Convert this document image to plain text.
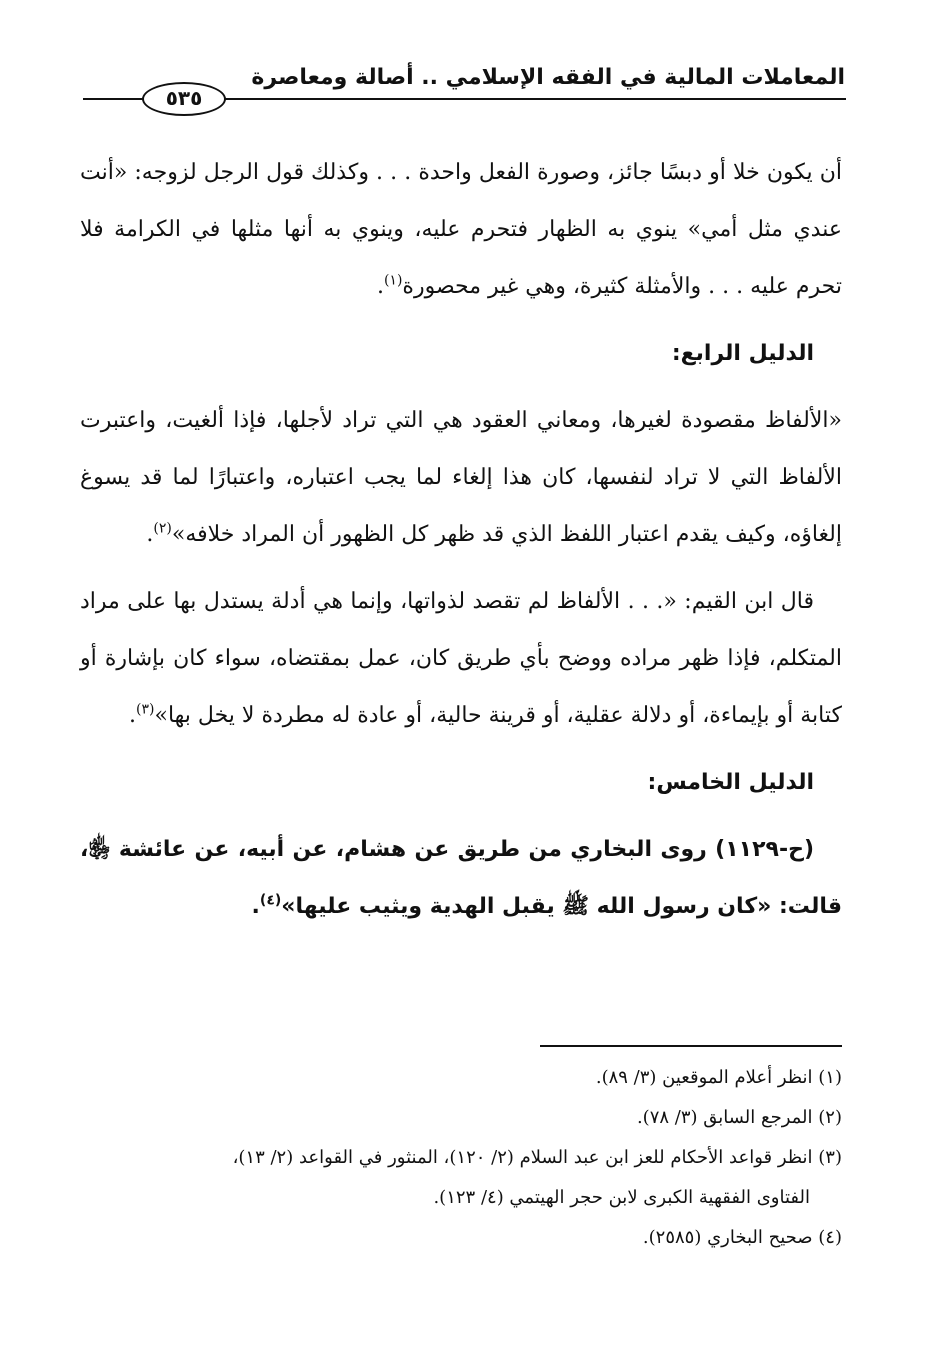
المعاملات المالية في الفقه الإسلامي .. أصالة ومعاصرة
٥٣٥

أن يكون خلا أو دبسًا جائز، وصورة الفعل واحدة . . . وكذلك قول الرجل لزوجه: «أنت عندي مثل أمي» ينوي به الظهار فتحرم عليه، وينوي به أنها مثلها في الكرامة فلا تحرم عليه . . . والأمثلة كثيرة، وهي غير محصورة$^{(١)}$.

الدليل الرابع:

«الألفاظ مقصودة لغيرها، ومعاني العقود هي التي تراد لأجلها، فإذا ألغيت، واعتبرت الألفاظ التي لا تراد لنفسها، كان هذا إلغاء لما يجب اعتباره، واعتبارًا لما قد يسوغ إلغاؤه، وكيف يقدم اعتبار اللفظ الذي قد ظهر كل الظهور أن المراد خلافه»$^{(٢)}$.

قال ابن القيم: «. . . الألفاظ لم تقصد لذواتها، وإنما هي أدلة يستدل بها على مراد المتكلم، فإذا ظهر مراده ووضح بأي طريق كان، عمل بمقتضاه، سواء كان بإشارة أو كتابة أو بإيماءة، أو دلالة عقلية، أو قرينة حالية، أو عادة له مطردة لا يخل بها»$^{(٣)}$.

الدليل الخامس:

(ح-١١٢٩) روى البخاري من طريق عن هشام، عن أبيه، عن عائشة ﵂، قالت: «كان رسول الله ﷺ يقبل الهدية ويثيب عليها»$^{(٤)}$.

(١) انظر أعلام الموقعين (٣/ ٨٩).

(٢) المرجع السابق (٣/ ٧٨).

(٣) انظر قواعد الأحكام للعز ابن عبد السلام (٢/ ١٢٠)، المنثور في القواعد (٢/ ١٣)،

الفتاوى الفقهية الكبرى لابن حجر الهيتمي (٤/ ١٢٣).

(٤) صحيح البخاري (٢٥٨٥).
